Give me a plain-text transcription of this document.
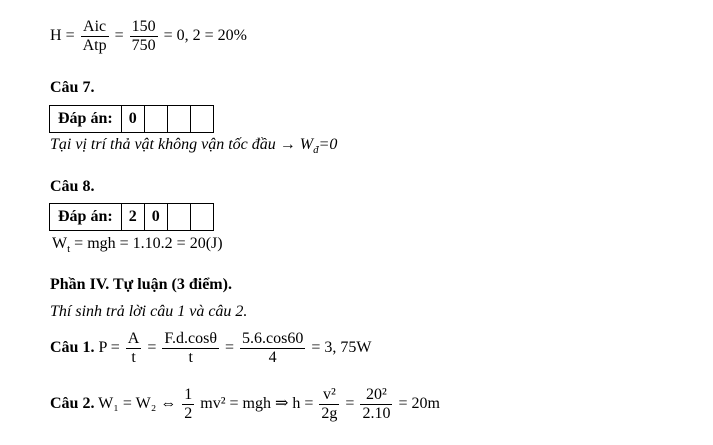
$H = \frac{\text{Aic}}{\text{Atp}} = \frac{150}{750} = 0$, 2 = 20%
Câu 7.
Đáp án:	0			
Tại vị trí thả vật không vận tốc đầu → $W_đ=0$
Câu 8.
Đáp án:	2	0		
$W_t$ = mgh = 1.10.2 = 20(J)
Phần IV. Tự luận (3 điểm).
Thí sinh trả lời câu 1 và câu 2.
Câu 1. $P = \frac{A}{t} = \frac{F.d.\cos\theta}{t} = \frac{5.6.\cos 60}{4} = 3$, 75W
Câu 2. W₁ = W₂ ⇔ $\frac{1}{2} mv^2$ = mgh ⇒ $h = \frac{\text{v²}}{2g} = \frac{\text{20²}}{2.10} = 20m$
